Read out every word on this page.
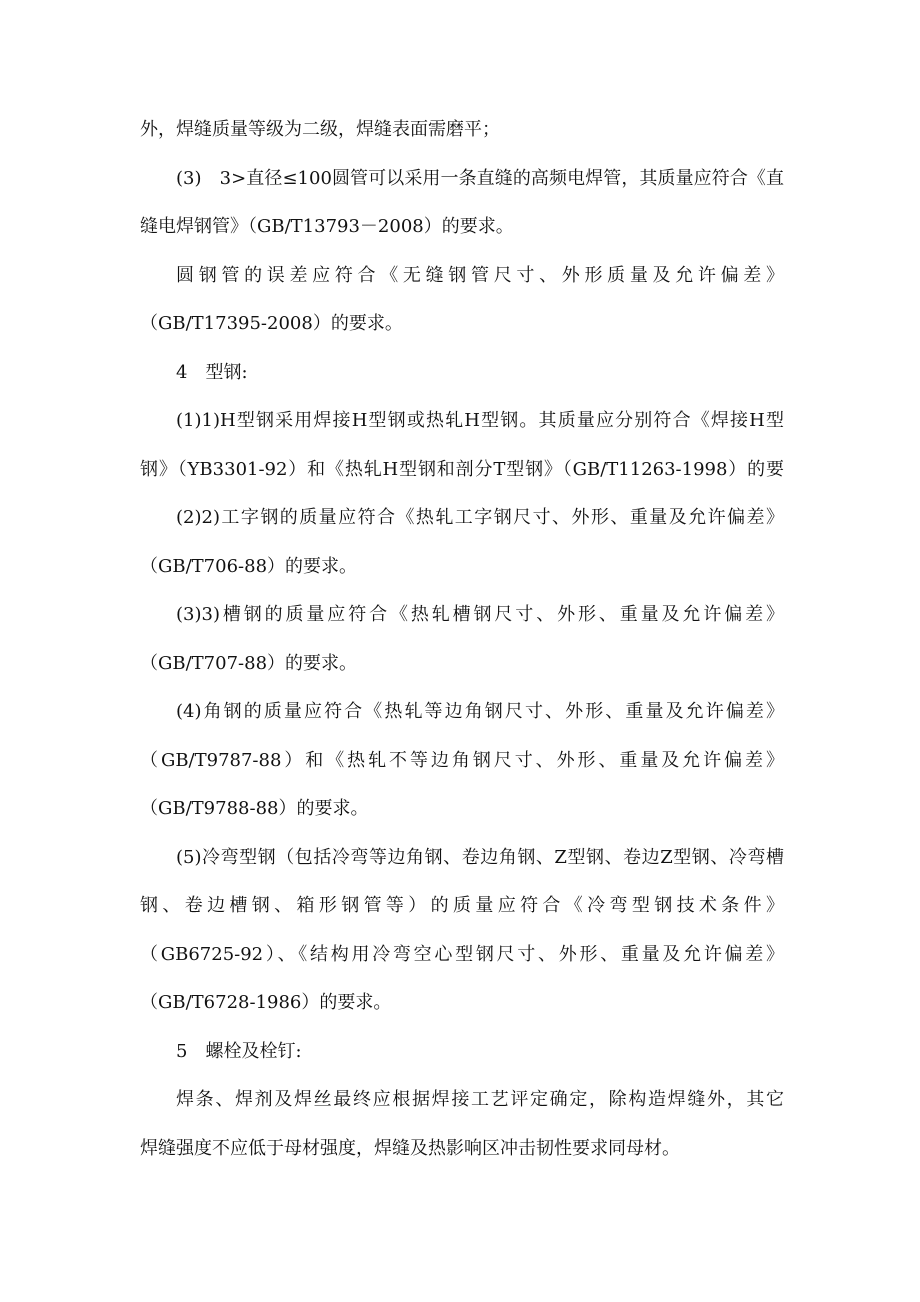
外，焊缝质量等级为二级，焊缝表面需磨平；
(3)　3>直径≤100圆管可以采用一条直缝的高频电焊管，其质量应符合《直
缝电焊钢管》（GB/T13793－2008）的要求。
圆钢管的误差应符合《无缝钢管尺寸、外形质量及允许偏差》
（GB/T17395-2008）的要求。
4　型钢:
(1)1)H型钢采用焊接H型钢或热轧H型钢。其质量应分别符合《焊接H型
钢》（YB3301-92）和《热轧H型钢和剖分T型钢》（GB/T11263-1998）的要
(2)2)工字钢的质量应符合《热轧工字钢尺寸、外形、重量及允许偏差》
（GB/T706-88）的要求。
(3)3)槽钢的质量应符合《热轧槽钢尺寸、外形、重量及允许偏差》
（GB/T707-88）的要求。
(4)角钢的质量应符合《热轧等边角钢尺寸、外形、重量及允许偏差》
（GB/T9787-88）和《热轧不等边角钢尺寸、外形、重量及允许偏差》
（GB/T9788-88）的要求。
(5)冷弯型钢（包括冷弯等边角钢、卷边角钢、Z型钢、卷边Z型钢、冷弯槽
钢、卷边槽钢、箱形钢管等）的质量应符合《冷弯型钢技术条件》
（GB6725-92）、《结构用冷弯空心型钢尺寸、外形、重量及允许偏差》
（GB/T6728-1986）的要求。
5　螺栓及栓钉:
焊条、焊剂及焊丝最终应根据焊接工艺评定确定，除构造焊缝外，其它
焊缝强度不应低于母材强度，焊缝及热影响区冲击韧性要求同母材。
